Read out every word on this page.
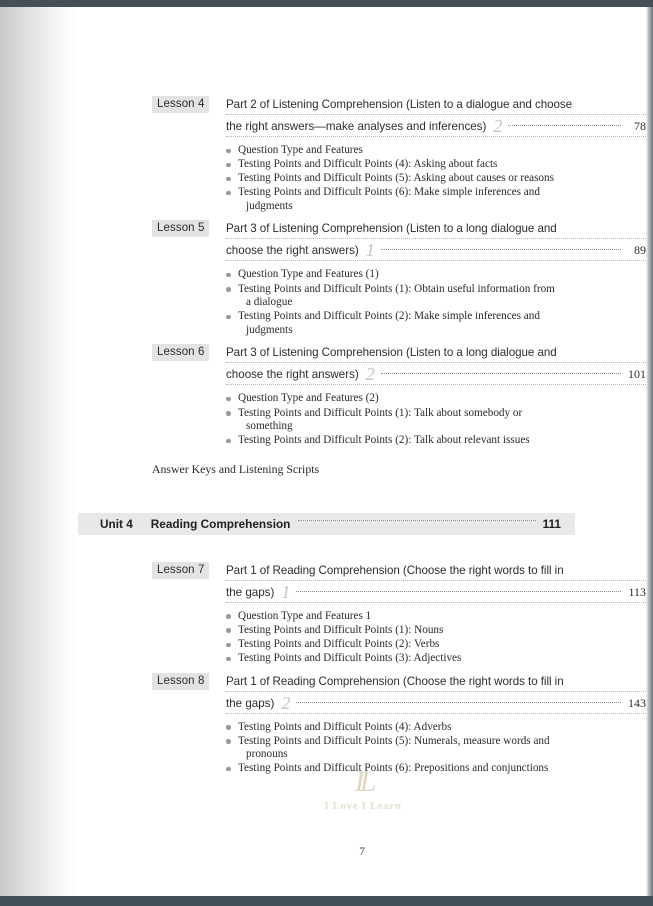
Lesson 4	Part 2 of Listening Comprehension (Listen to a dialogue and choose
the right answers—make analyses and inferences) 2	78
Question Type and Features
Testing Points and Difficult Points (4): Asking about facts
Testing Points and Difficult Points (5): Asking about causes or reasons
Testing Points and Difficult Points (6): Make simple inferences and
judgments
Lesson 5	Part 3 of Listening Comprehension (Listen to a long dialogue and
choose the right answers) 1	89
Question Type and Features (1)
Testing Points and Difficult Points (1): Obtain useful information from
a dialogue
Testing Points and Difficult Points (2): Make simple inferences and
judgments
Lesson 6	Part 3 of Listening Comprehension (Listen to a long dialogue and
choose the right answers) 2	101
Question Type and Features (2)
Testing Points and Difficult Points (1): Talk about somebody or
something
Testing Points and Difficult Points (2): Talk about relevant issues
Answer Keys and Listening Scripts
Unit 4 Reading Comprehension	111
Lesson 7	Part 1 of Reading Comprehension (Choose the right words to fill in
the gaps) 1	113
Question Type and Features 1
Testing Points and Difficult Points (1): Nouns
Testing Points and Difficult Points (2): Verbs
Testing Points and Difficult Points (3): Adjectives
Lesson 8	Part 1 of Reading Comprehension (Choose the right words to fill in
the gaps) 2	143
Testing Points and Difficult Points (4): Adverbs
Testing Points and Difficult Points (5): Numerals, measure words and
pronouns
Testing Points and Difficult Points (6): Prepositions and conjunctions
IL
I Love I Learn
7
